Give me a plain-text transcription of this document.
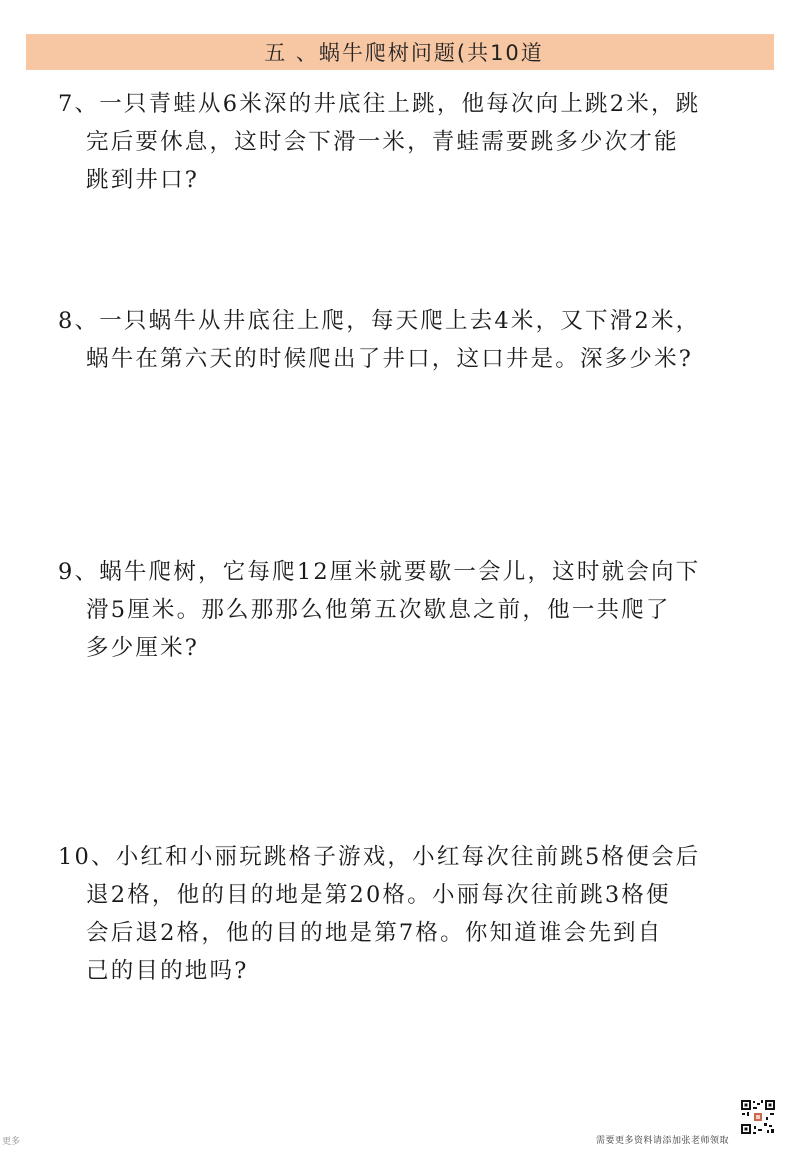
五 、蜗牛爬树问题(共10道
7、一只青蛙从6米深的井底往上跳，他每次向上跳2米，跳
完后要休息，这时会下滑一米，青蛙需要跳多少次才能
跳到井口?
8、一只蜗牛从井底往上爬，每天爬上去4米，又下滑2米，
蜗牛在第六天的时候爬出了井口，这口井是。深多少米?
9、蜗牛爬树，它每爬12厘米就要歇一会儿，这时就会向下
滑5厘米。那么那那么他第五次歇息之前，他一共爬了
多少厘米?
10、小红和小丽玩跳格子游戏，小红每次往前跳5格便会后
退2格，他的目的地是第20格。小丽每次往前跳3格便
会后退2格，他的目的地是第7格。你知道谁会先到自
己的目的地吗?
更多	需要更多资料请添加张老师领取
